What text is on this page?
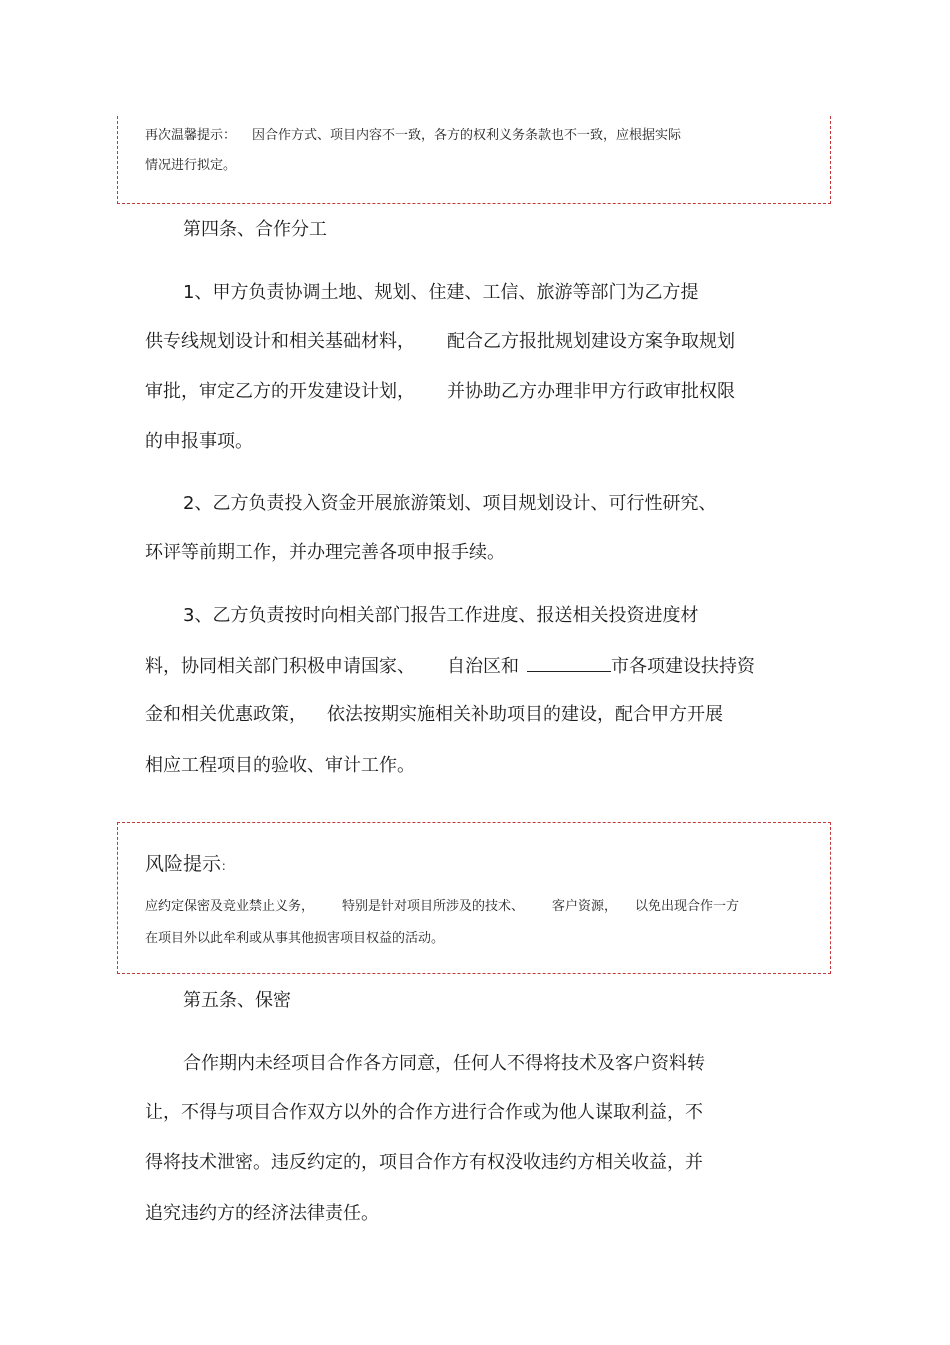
再次温馨提示： 因合作方式、项目内容不一致，各方的权利义务条款也不一致，应根据实际
情况进行拟定。
第四条、合作分工
1、甲方负责协调土地、规划、住建、工信、旅游等部门为乙方提
供专线规划设计和相关基础材料， 配合乙方报批规划建设方案争取规划
审批，审定乙方的开发建设计划， 并协助乙方办理非甲方行政审批权限
的申报事项。
2、乙方负责投入资金开展旅游策划、项目规划设计、可行性研究、
环评等前期工作，并办理完善各项申报手续。
3、乙方负责按时向相关部门报告工作进度、报送相关投资进度材
料，协同相关部门积极申请国家、 自治区和	市各项建设扶持资
金和相关优惠政策， 依法按期实施相关补助项目的建设，配合甲方开展
相应工程项目的验收、审计工作。
风险提示：
应约定保密及竞业禁止义务， 特别是针对项目所涉及的技术、 客户资源， 以免出现合作一方
在项目外以此牟利或从事其他损害项目权益的活动。
第五条、保密
合作期内未经项目合作各方同意，任何人不得将技术及客户资料转
让，不得与项目合作双方以外的合作方进行合作或为他人谋取利益，不
得将技术泄密。违反约定的，项目合作方有权没收违约方相关收益，并
追究违约方的经济法律责任。
